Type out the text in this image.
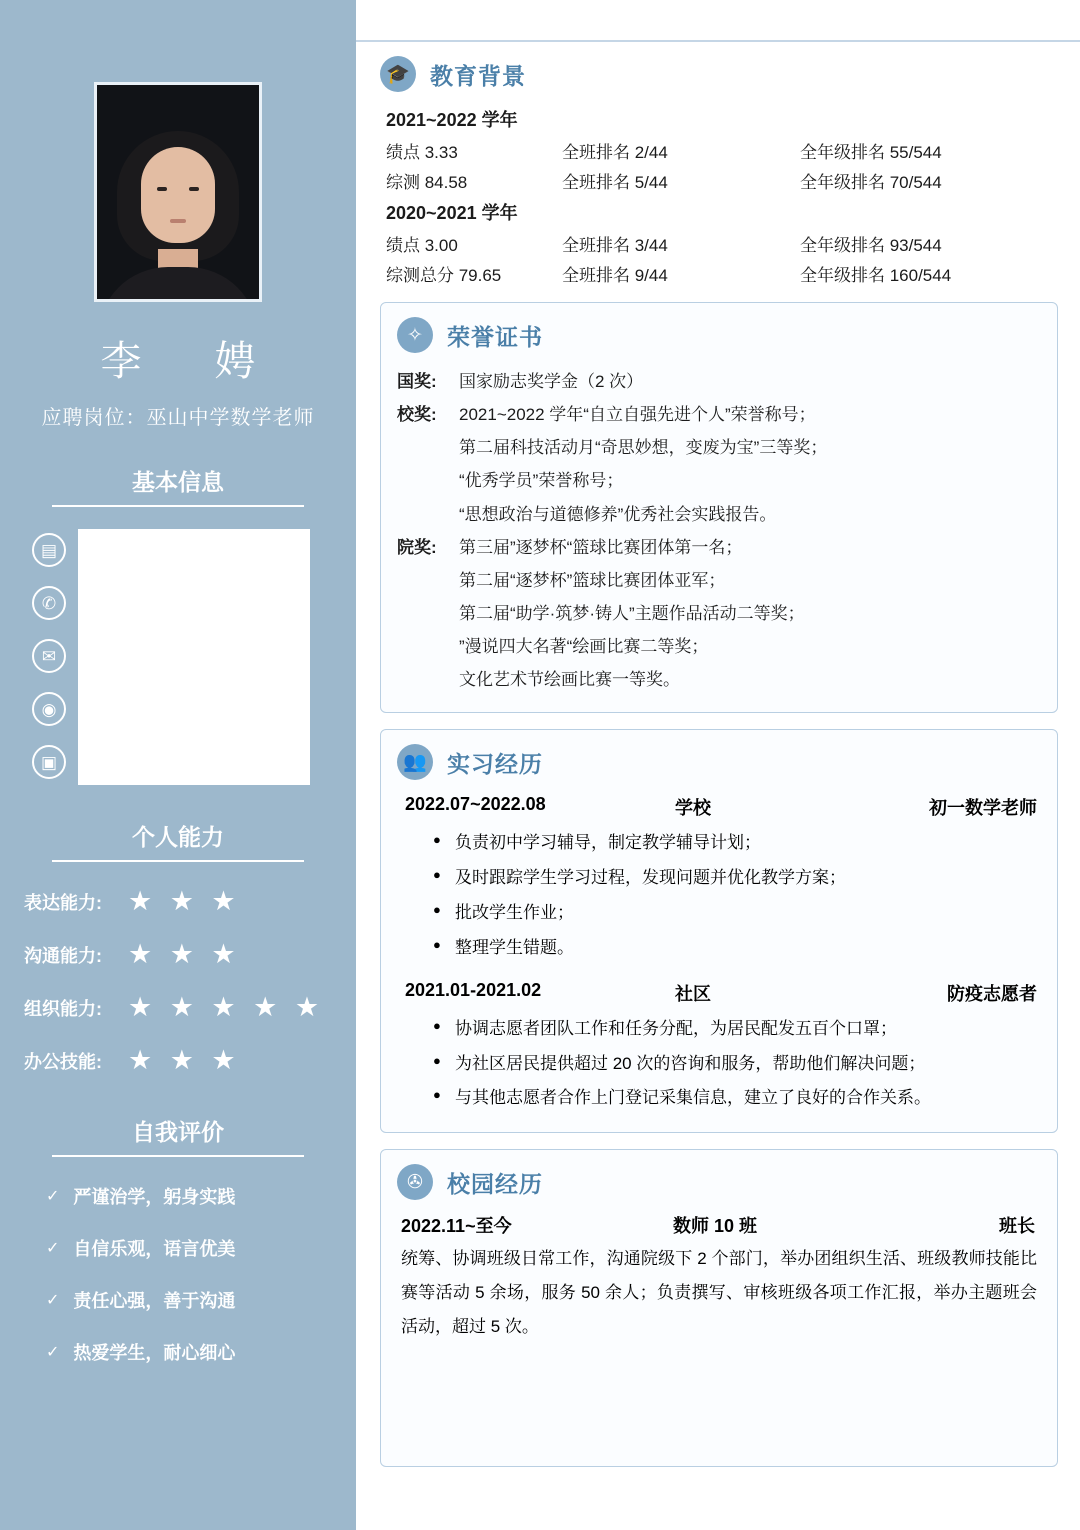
李　娉
应聘岗位：巫山中学数学老师
基本信息
▤
✆
✉
◉
▣
个人能力
表达能力: ★ ★ ★
沟通能力: ★ ★ ★
组织能力: ★ ★ ★ ★ ★
办公技能: ★ ★ ★
自我评价
✓ 严谨治学，躬身实践
✓ 自信乐观，语言优美
✓ 责任心强，善于沟通
✓ 热爱学生，耐心细心
🎓 教育背景
2021~2022 学年
绩点 3.33	全班排名 2/44	全年级排名 55/544
综测 84.58	全班排名 5/44	全年级排名 70/544
2020~2021 学年
绩点 3.00	全班排名 3/44	全年级排名 93/544
综测总分 79.65	全班排名 9/44	全年级排名 160/544
✧	荣誉证书
国奖:	国家励志奖学金（2 次）
校奖:	2021~2022 学年“自立自强先进个人”荣誉称号；
第二届科技活动月“奇思妙想，变废为宝”三等奖；
“优秀学员”荣誉称号；
“思想政治与道德修养”优秀社会实践报告。
院奖:	第三届”逐梦杯“篮球比赛团体第一名；
第二届“逐梦杯”篮球比赛团体亚军；
第二届“助学·筑梦·铸人”主题作品活动二等奖；
”漫说四大名著“绘画比赛二等奖；
文化艺术节绘画比赛一等奖。
👥 实习经历
2022.07~2022.08	学校	初一数学老师
● 负责初中学习辅导，制定教学辅导计划；
● 及时跟踪学生学习过程，发现问题并优化教学方案；
● 批改学生作业；
● 整理学生错题。
2021.01-2021.02	社区	防疫志愿者
● 协调志愿者团队工作和任务分配，为居民配发五百个口罩；
● 为社区居民提供超过 20 次的咨询和服务，帮助他们解决问题；
● 与其他志愿者合作上门登记采集信息，建立了良好的合作关系。
✇	校园经历
2022.11~至今	数师 10 班	班长

统筹、协调班级日常工作，沟通院级下 2 个部门，举办团组织生活、班级教师技能比赛等活动 5 余场，服务 50 余人；负责撰写、审核班级各项工作汇报，举办主题班会活动，超过 5 次。
